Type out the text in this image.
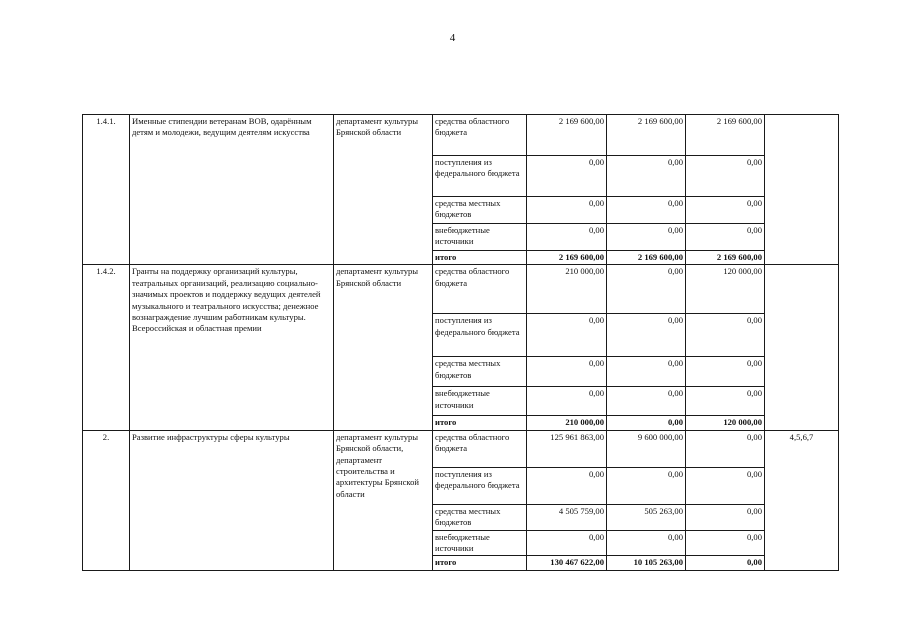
4
1.4.1.	Именные стипендии ветеранам ВОВ, одарённым детям и молодежи, ведущим деятелям искусства	департамент культуры Брянской области	средства областного бюджета	2 169 600,00	2 169 600,00	2 169 600,00	
			поступления из федерального бюджета	0,00	0,00	0,00	
			средства местных бюджетов	0,00	0,00	0,00	
			внебюджетные источники	0,00	0,00	0,00	
			итого	2 169 600,00	2 169 600,00	2 169 600,00	
1.4.2.	Гранты на поддержку организаций культуры, театральных организаций, реализацию социально-значимых проектов и поддержку ведущих деятелей музыкального и театрального искусства; денежное вознаграждение лучшим работникам культуры. Всероссийская и областная премии	департамент культуры Брянской области	средства областного бюджета	210 000,00	0,00	120 000,00	
			поступления из федерального бюджета	0,00	0,00	0,00	
			средства местных бюджетов	0,00	0,00	0,00	
			внебюджетные источники	0,00	0,00	0,00	
			итого	210 000,00	0,00	120 000,00	
2.	Развитие инфраструктуры сферы культуры	департамент культуры Брянской области, департамент строительства и архитектуры Брянской области	средства областного бюджета	125 961 863,00	9 600 000,00	0,00	4,5,6,7
			поступления из федерального бюджета	0,00	0,00	0,00	
			средства местных бюджетов	4 505 759,00	505 263,00	0,00	
			внебюджетные источники	0,00	0,00	0,00	
			итого	130 467 622,00	10 105 263,00	0,00	
